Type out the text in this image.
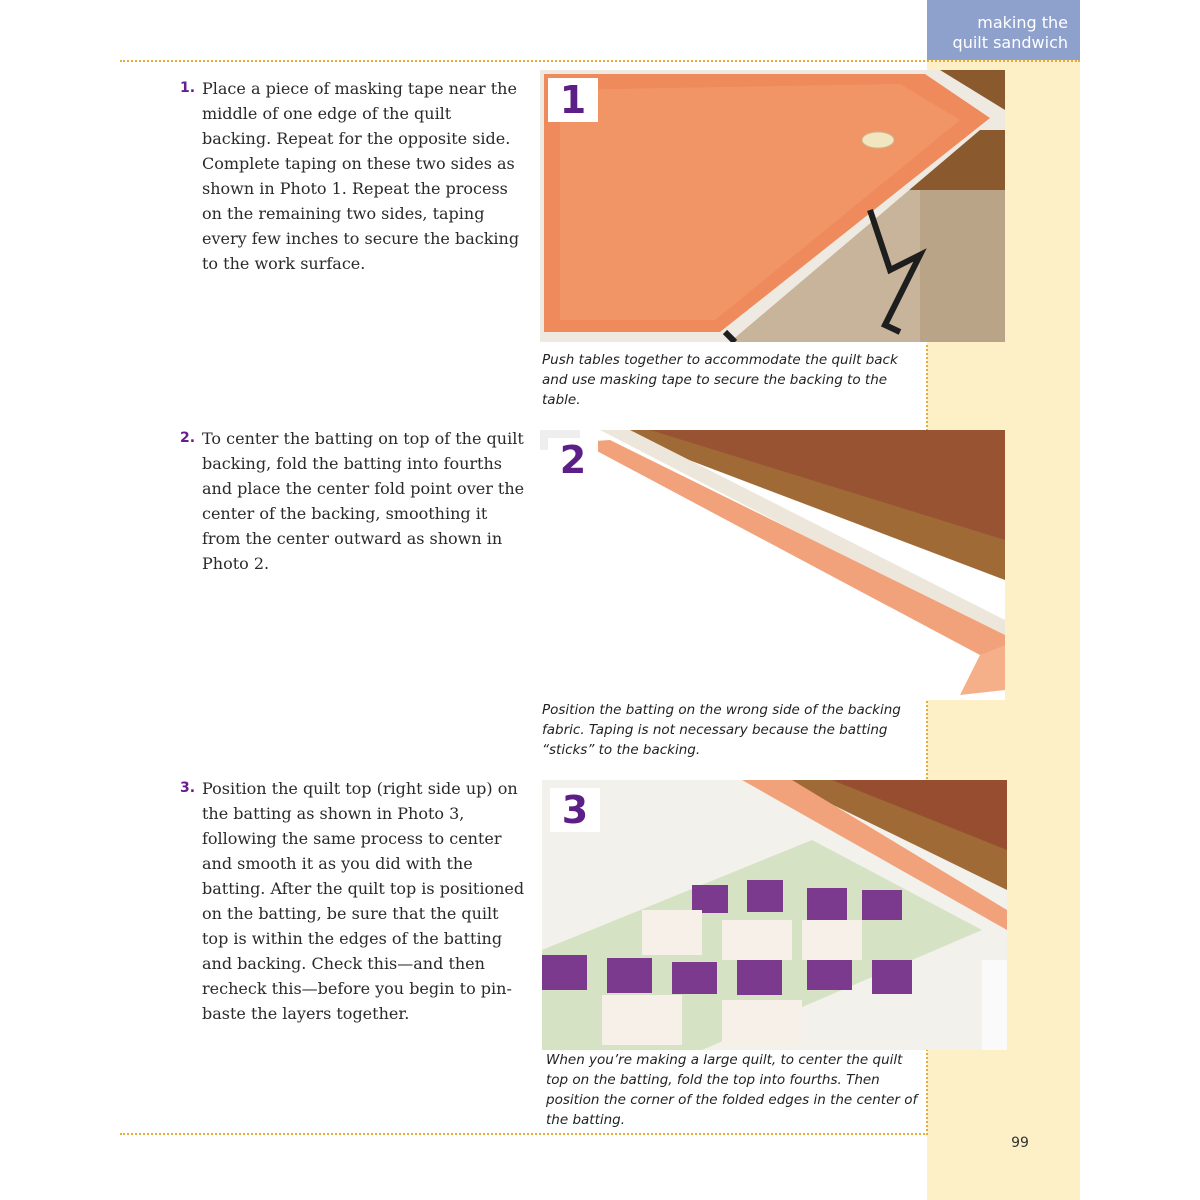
making the
quilt sandwich
1. Place a piece of masking tape near the middle of one edge of the quilt backing. Repeat for the opposite side. Complete taping on these two sides as shown in Photo 1. Repeat the process on the remaining two sides, taping every few inches to secure the backing to the work surface.
1
Push tables together to accommodate the quilt back and use masking tape to secure the backing to the table.
2. To center the batting on top of the quilt backing, fold the batting into fourths and place the center fold point over the center of the backing, smoothing it from the center outward as shown in Photo 2.
2
Position the batting on the wrong side of the backing fabric. Taping is not necessary because the batting “sticks” to the backing.
3. Position the quilt top (right side up) on the batting as shown in Photo 3, following the same process to center and smooth it as you did with the batting. After the quilt top is positioned on the batting, be sure that the quilt top is within the edges of the batting and backing. Check this—and then recheck this—before you begin to pin-baste the layers together.
3
When you’re making a large quilt, to center the quilt top on the batting, fold the top into fourths. Then position the corner of the folded edges in the center of the batting.
99
